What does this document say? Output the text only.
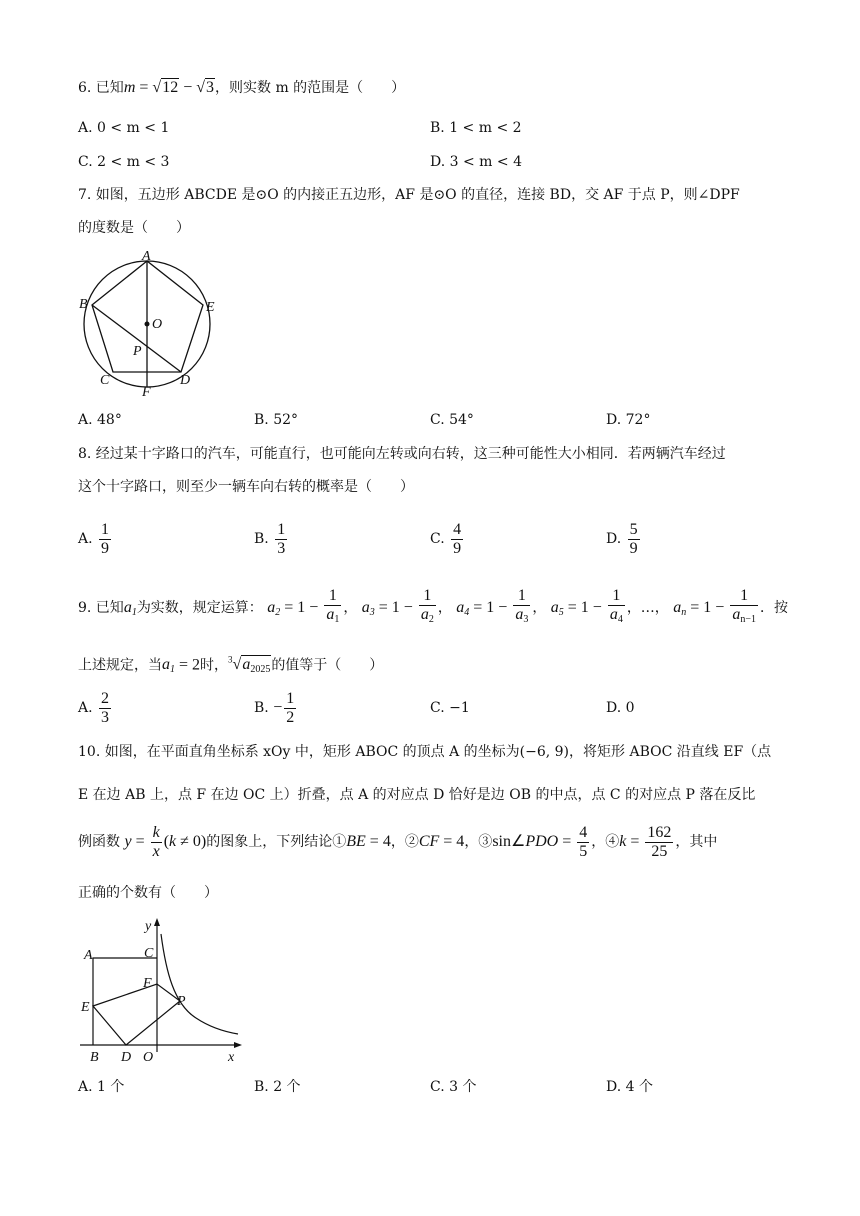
6. 已知m = √12 − √3，则实数 m 的范围是（　　）
A. 0 < m < 1	B. 1 < m < 2
C. 2 < m < 3	D. 3 < m < 4
7. 如图，五边形 ABCDE 是⊙O 的内接正五边形，AF 是⊙O 的直径，连接 BD，交 AF 于点 P，则∠DPF
的度数是（　　）
A
B	E
O
P
C
F
D
A. 48°	B. 52°	C. 54°	D. 72°
8. 经过某十字路口的汽车，可能直行，也可能向左转或向右转，这三种可能性大小相同．若两辆汽车经过
这个十字路口，则至少一辆车向右转的概率是（　　）
A. $\frac{1}{9}$	B. $\frac{1}{3}$	C. $\frac{4}{9}$	D. $\frac{5}{9}$
9. 已知$a_1$为实数，规定运算： $a_2 = 1 - \frac{1}{a_1}$ ， $a_3 = 1 - \frac{1}{a_2}$ ， $a_4 = 1 - \frac{1}{a_3}$ ， $a_5 = 1 - \frac{1}{a_4}$ ，…， $a_n = 1 - \frac{1}{a_{n-1}}$ ．按
上述规定，当$a_1 = 2$时，$^3√a_{2025}$的值等于（　　）
A. $\frac{2}{3}$	B. − $\frac{1}{2}$	C. −1	D. 0
10. 如图，在平面直角坐标系 xOy 中，矩形 ABOC 的顶点 A 的坐标为(−6, 9)，将矩形 ABOC 沿直线 EF（点
E 在边 AB 上，点 F 在边 OC 上）折叠，点 A 的对应点 D 恰好是边 OB 的中点，点 C 的对应点 P 落在反比
例函数 $y = \frac{k}{x} (k \ne 0)$的图象上，下列结论①BE = 4，②CF = 4，③sin∠PDO = $\frac{4}{5}$ ，④k = $\frac{162}{25}$ ，其中
正确的个数有（　　）
y
A	C
F
E	P
B D O	x
A. 1 个	B. 2 个	C. 3 个	D. 4 个
